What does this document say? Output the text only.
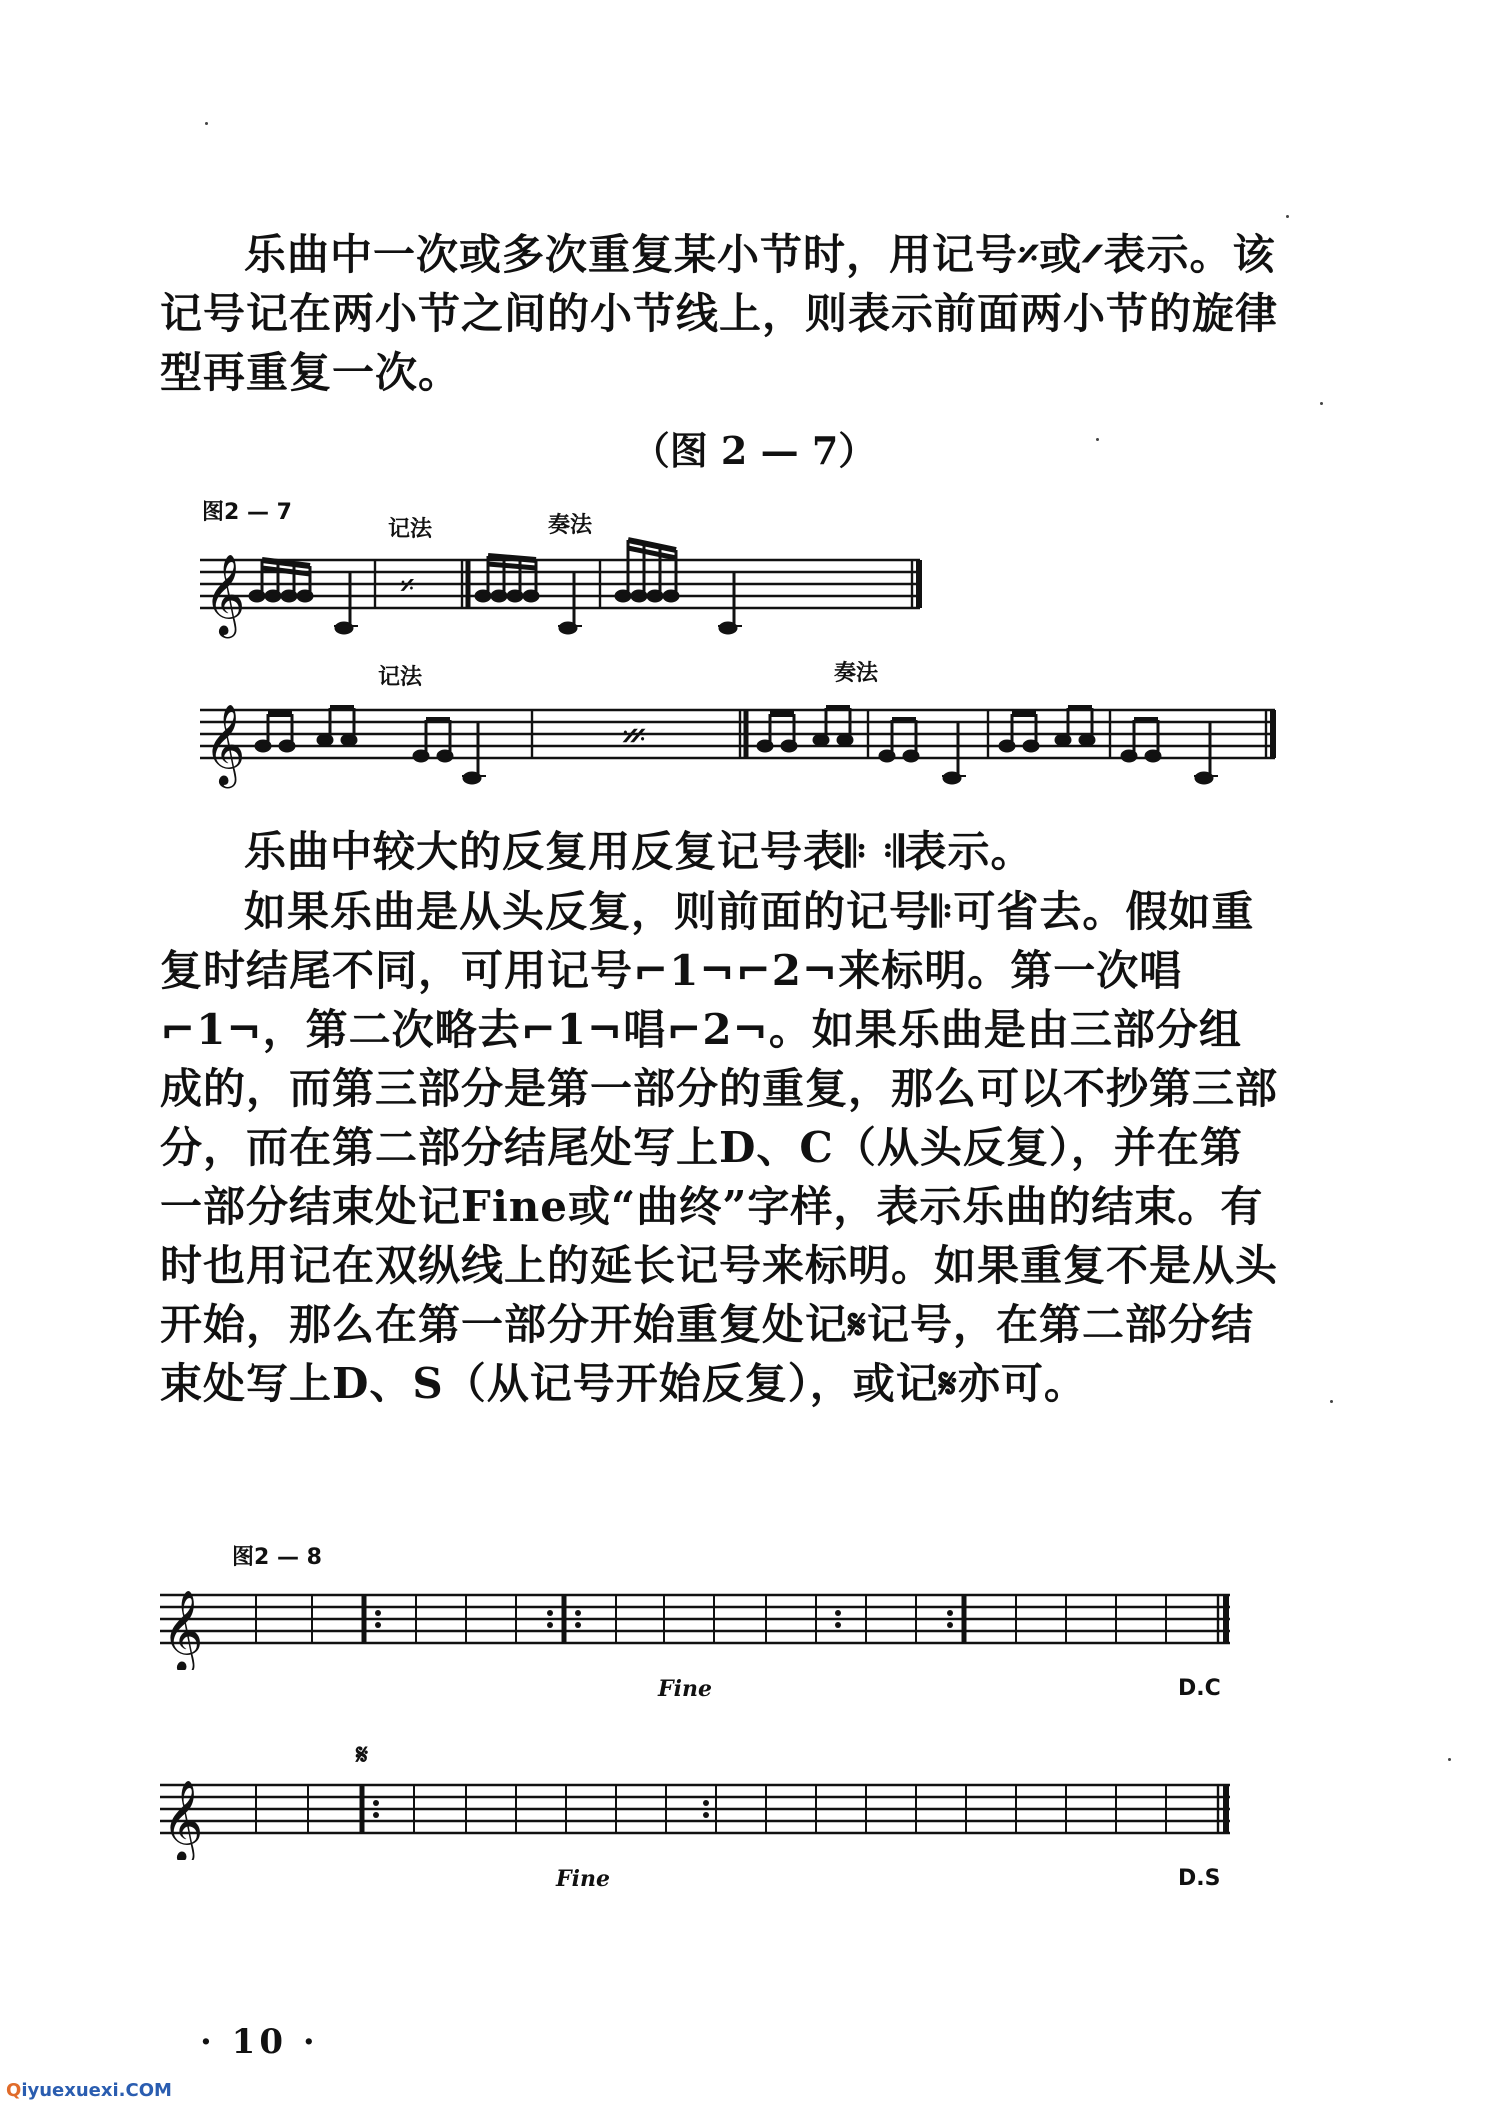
乐曲中一次或多次重复某小节时，用记号𝄎或𝄍表示。该记号记在两小节之间的小节线上，则表示前面两小节的旋律型再重复一次。

（图 2 — 7）
图2 — 7
记法	奏法
𝄞	𝄎
记法	奏法
𝄞	𝄏

乐曲中较大的反复用反复记号表𝄆 𝄇表示。

如果乐曲是从头反复，则前面的记号𝄆可省去。假如重复时结尾不同，可用记号⌐1¬⌐2¬来标明。第一次唱⌐1¬，第二次略去⌐1¬唱⌐2¬。如果乐曲是由三部分组成的，而第三部分是第一部分的重复，那么可以不抄第三部分，而在第二部分结尾处写上D、C（从头反复），并在第一部分结束处记Fine或“曲终”字样，表示乐曲的结束。有时也用记在双纵线上的延长记号来标明。如果重复不是从头开始，那么在第一部分开始重复处记𝄋记号，在第二部分结束处写上D、S（从记号开始反复），或记𝄋亦可。

图2 — 8
𝄞
Fine	D.C
𝄋
𝄞
Fine	D.S
· 10 ·
Qiyuexuexi.COM
